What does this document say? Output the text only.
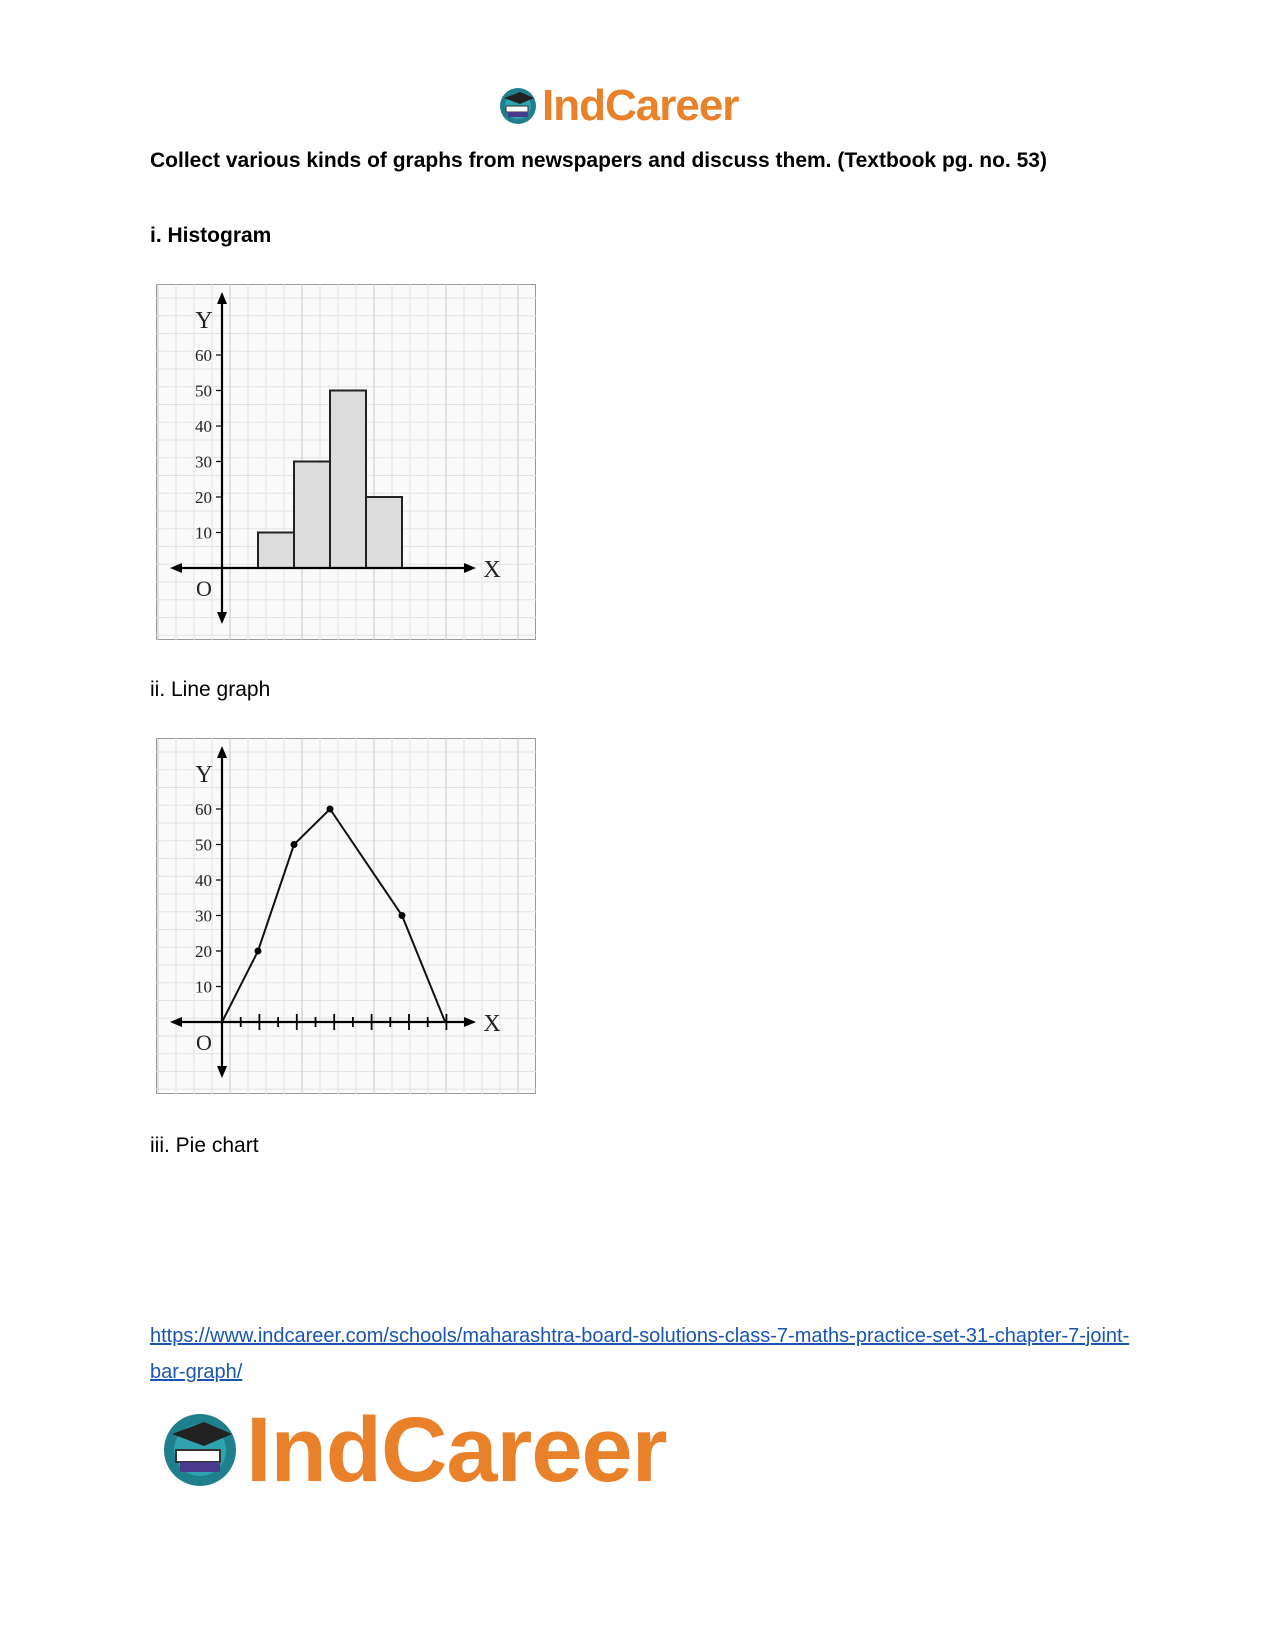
IndCareer
Collect various kinds of graphs from newspapers and discuss them. (Textbook pg. no. 53)
i. Histogram
10
20
30
40
50
60
Y
X
O
ii. Line graph
10
20
30
40
50
60
Y
X
O
iii. Pie chart
https://www.indcareer.com/schools/maharashtra-board-solutions-class-7-maths-practice-set-31-chapter-7-joint-bar-graph/
IndCareer
